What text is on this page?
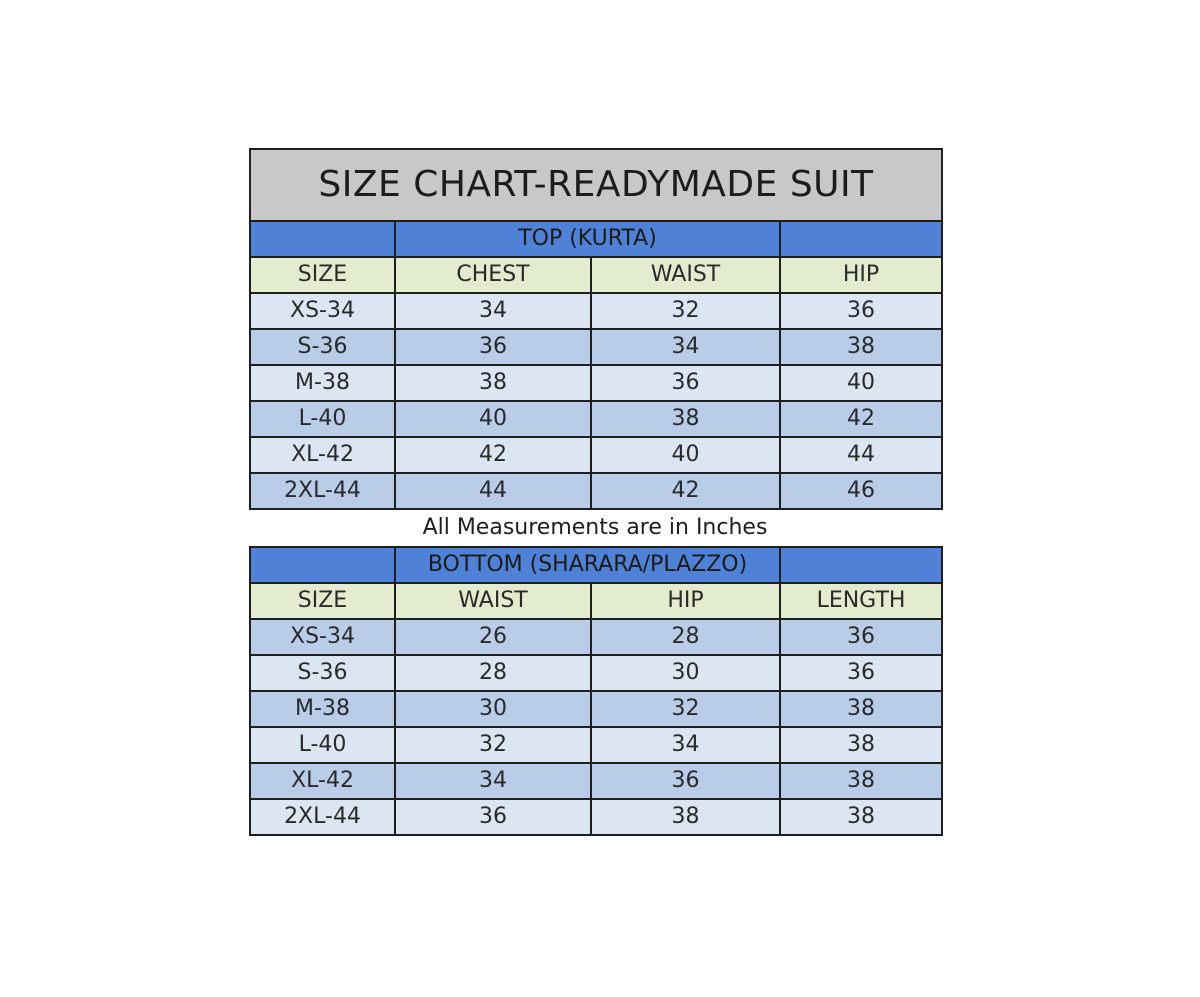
SIZE CHART-READYMADE SUIT			
	TOP (KURTA)		
SIZE	CHEST	WAIST	HIP
XS-34	34	32	36
S-36	36	34	38
M-38	38	36	40
L-40	40	38	42
XL-42	42	40	44
2XL-44	44	42	46
All Measurements are in Inches
	BOTTOM (SHARARA/PLAZZO)		
SIZE	WAIST	HIP	LENGTH
XS-34	26	28	36
S-36	28	30	36
M-38	30	32	38
L-40	32	34	38
XL-42	34	36	38
2XL-44	36	38	38
